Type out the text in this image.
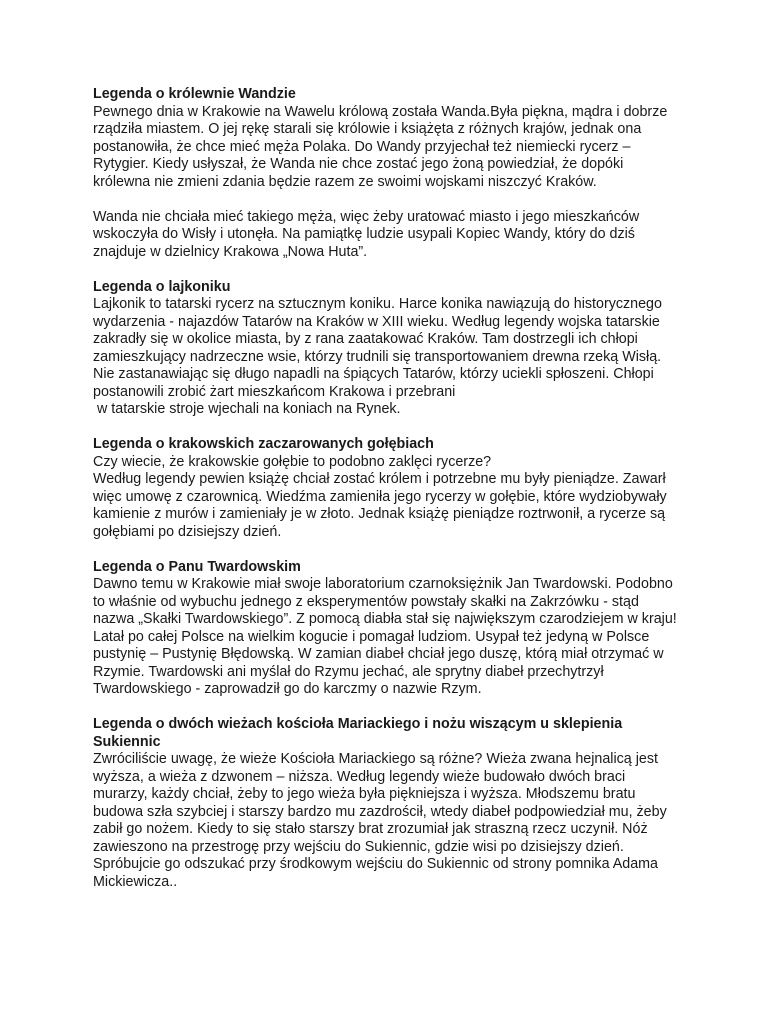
Legenda o królewnie Wandzie
Pewnego dnia w Krakowie na Wawelu królową została Wanda.Była piękna, mądra i dobrze
rządziła miastem. O jej rękę starali się królowie i książęta z różnych krajów, jednak ona
postanowiła, że chce mieć męża Polaka. Do Wandy przyjechał też niemiecki rycerz –
Rytygier. Kiedy usłyszał, że Wanda nie chce zostać jego żoną powiedział, że dopóki
królewna nie zmieni zdania będzie razem ze swoimi wojskami niszczyć Kraków.
Wanda nie chciała mieć takiego męża, więc żeby uratować miasto i jego mieszkańców
wskoczyła do Wisły i utonęła. Na pamiątkę ludzie usypali Kopiec Wandy, który do dziś
znajduje w dzielnicy Krakowa „Nowa Huta”.
Legenda o lajkoniku
Lajkonik to tatarski rycerz na sztucznym koniku. Harce konika nawiązują do historycznego
wydarzenia - najazdów Tatarów na Kraków w XIII wieku. Według legendy wojska tatarskie
zakradły się w okolice miasta, by z rana zaatakować Kraków. Tam dostrzegli ich chłopi
zamieszkujący nadrzeczne wsie, którzy trudnili się transportowaniem drewna rzeką Wisłą.
Nie zastanawiając się długo napadli na śpiących Tatarów, którzy uciekli spłoszeni. Chłopi
postanowili zrobić żart mieszkańcom Krakowa i przebrani
w tatarskie stroje wjechali na koniach na Rynek.
Legenda o krakowskich zaczarowanych gołębiach
Czy wiecie, że krakowskie gołębie to podobno zaklęci rycerze?
Według legendy pewien książę chciał zostać królem i potrzebne mu były pieniądze. Zawarł
więc umowę z czarownicą. Wiedźma zamieniła jego rycerzy w gołębie, które wydziobywały
kamienie z murów i zamieniały je w złoto. Jednak książę pieniądze roztrwonił, a rycerze są
gołębiami po dzisiejszy dzień.
Legenda o Panu Twardowskim
Dawno temu w Krakowie miał swoje laboratorium czarnoksiężnik Jan Twardowski. Podobno
to właśnie od wybuchu jednego z eksperymentów powstały skałki na Zakrzówku - stąd
nazwa „Skałki Twardowskiego”. Z pomocą diabła stał się największym czarodziejem w kraju!
Latał po całej Polsce na wielkim kogucie i pomagał ludziom. Usypał też jedyną w Polsce
pustynię – Pustynię Błędowską. W zamian diabeł chciał jego duszę, którą miał otrzymać w
Rzymie. Twardowski ani myślał do Rzymu jechać, ale sprytny diabeł przechytrzył
Twardowskiego - zaprowadził go do karczmy o nazwie Rzym.
Legenda o dwóch wieżach kościoła Mariackiego i nożu wiszącym u sklepienia
Sukiennic
Zwróciliście uwagę, że wieże Kościoła Mariackiego są różne? Wieża zwana hejnalicą jest
wyższa, a wieża z dzwonem – niższa. Według legendy wieże budowało dwóch braci
murarzy, każdy chciał, żeby to jego wieża była piękniejsza i wyższa. Młodszemu bratu
budowa szła szybciej i starszy bardzo mu zazdrościł, wtedy diabeł podpowiedział mu, żeby
zabił go nożem. Kiedy to się stało starszy brat zrozumiał jak straszną rzecz uczynił. Nóż
zawieszono na przestrogę przy wejściu do Sukiennic, gdzie wisi po dzisiejszy dzień.
Spróbujcie go odszukać przy środkowym wejściu do Sukiennic od strony pomnika Adama
Mickiewicza..
